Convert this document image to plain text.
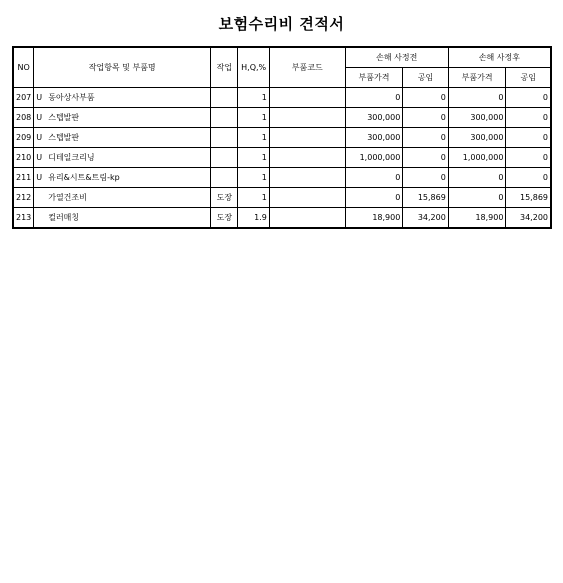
보험수리비 견적서
NO	작업항목 및 부품명	작업	H,Q,%	부품코드	손해 사정전		손해 사정후	
					부품가격	공임	부품가격	공임
207	U 동아상사부품		1		0	0	0	0
208	U 스텝발판		1		300,000	0	300,000	0
209	U 스텝발판		1		300,000	0	300,000	0
210	U 디테일크리닝		1		1,000,000	0	1,000,000	0
211	U 유리&시트&트림-kp		1		0	0	0	0
212	가열건조비	도장	1		0	15,869	0	15,869
213	컬러매칭	도장	1.9		18,900	34,200	18,900	34,200
